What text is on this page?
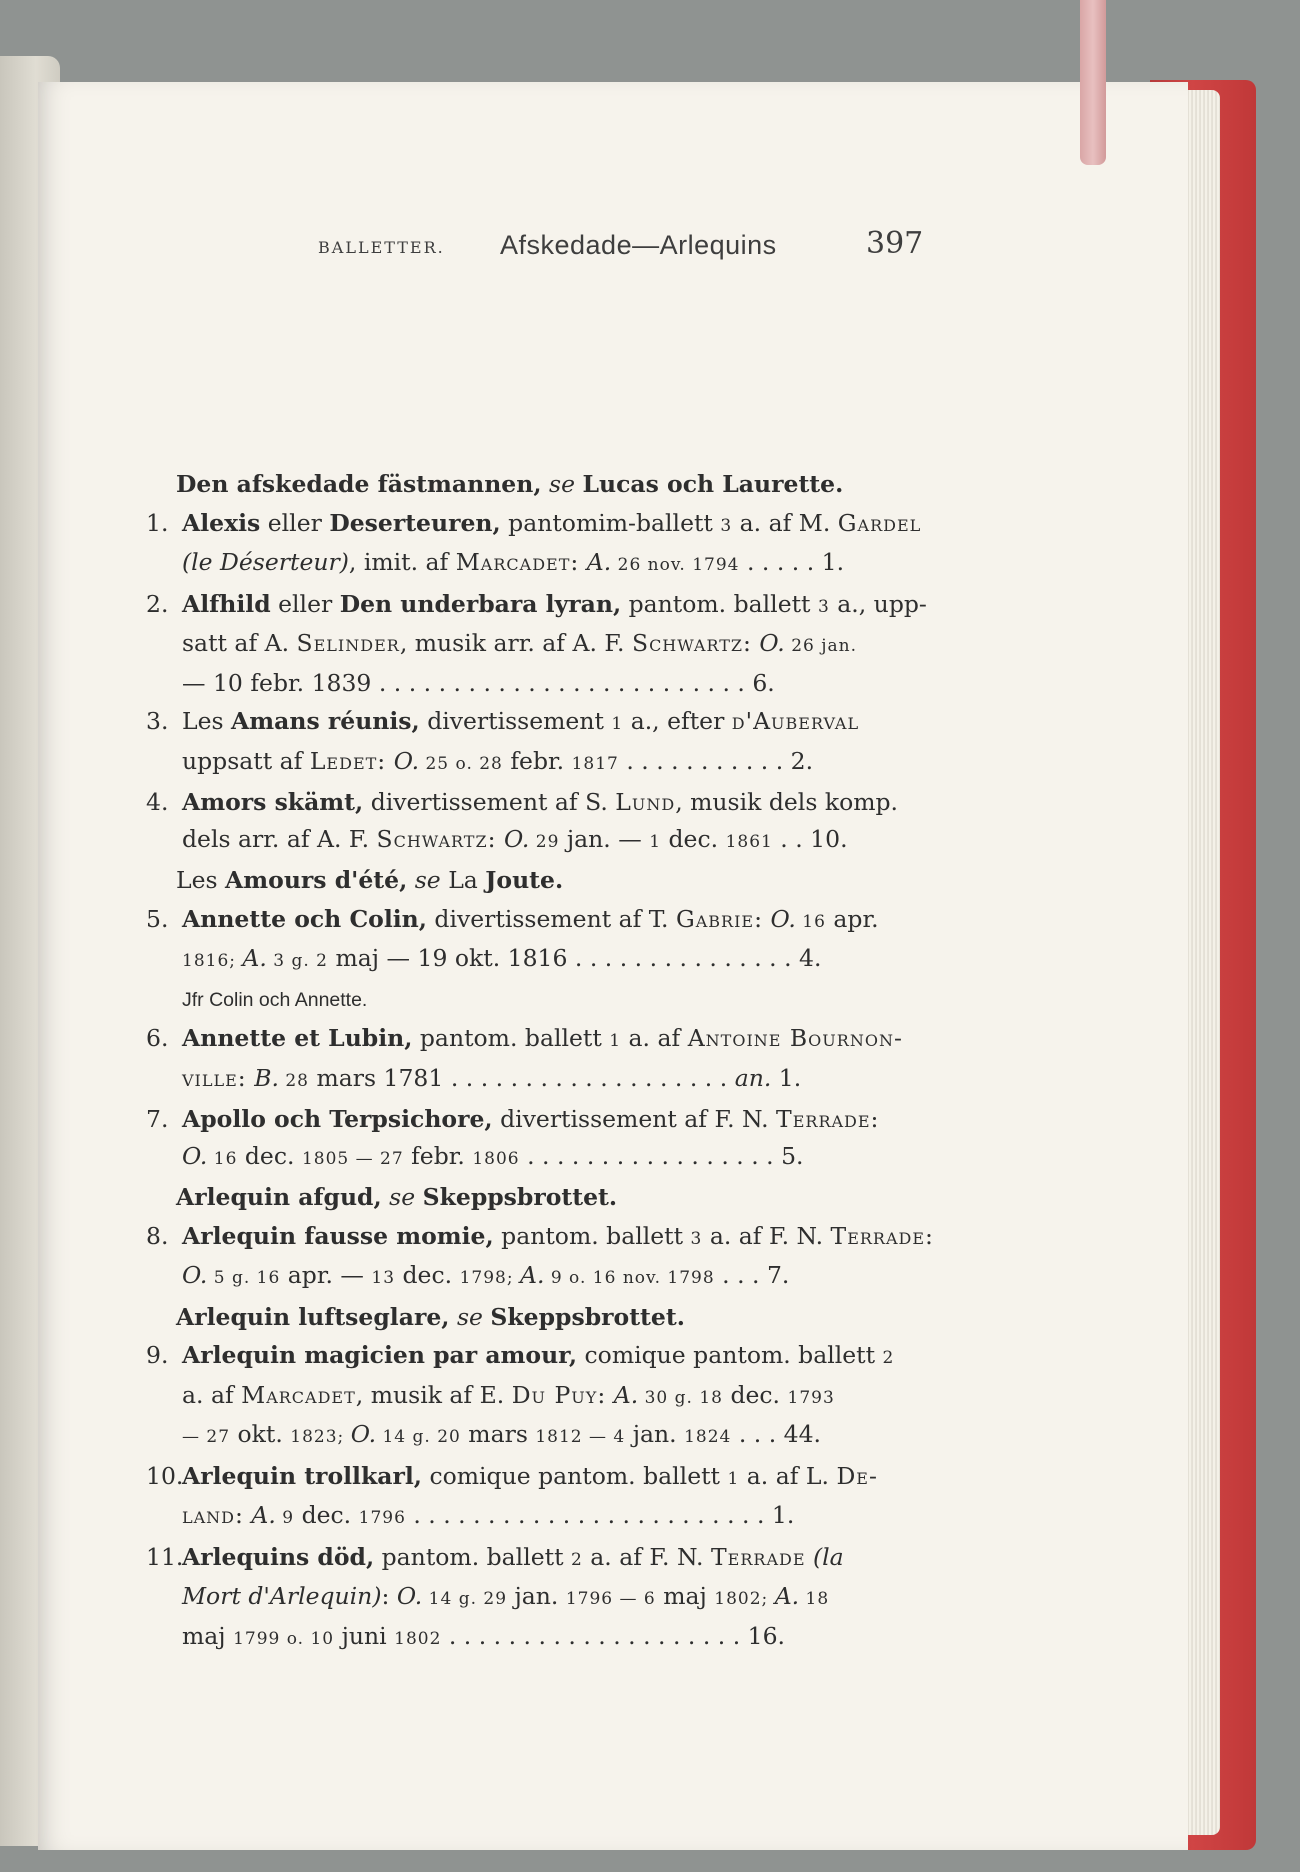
BALLETTER. Afskedade—Arlequins	397
Den afskedade fästmannen, se Lucas och Laurette.
1. Alexis eller Deserteuren, pantomim-ballett 3 a. af M. Gardel
(le Déserteur), imit. af Marcadet: A. 26 nov. 1794 . . . . . 1.
2. Alfhild eller Den underbara lyran, pantom. ballett 3 a., upp-
satt af A. Selinder, musik arr. af A. F. Schwartz: O. 26 jan.
— 10 febr. 1839 . . . . . . . . . . . . . . . . . . . . . . . . . 6.
3. Les Amans réunis, divertissement 1 a., efter d'Auberval
uppsatt af Ledet: O. 25 o. 28 febr. 1817 . . . . . . . . . . . 2.
4. Amors skämt, divertissement af S. Lund, musik dels komp.
dels arr. af A. F. Schwartz: O. 29 jan. — 1 dec. 1861 . . 10.
Les Amours d'été, se La Joute.
5. Annette och Colin, divertissement af T. Gabrie: O. 16 apr.
1816; A. 3 g. 2 maj — 19 okt. 1816 . . . . . . . . . . . . . . . 4.
Jfr Colin och Annette.
6. Annette et Lubin, pantom. ballett 1 a. af Antoine Bournon-
ville: B. 28 mars 1781 . . . . . . . . . . . . . . . . . . . an. 1.
7. Apollo och Terpsichore, divertissement af F. N. Terrade:
O. 16 dec. 1805 — 27 febr. 1806 . . . . . . . . . . . . . . . . . 5.
Arlequin afgud, se Skeppsbrottet.
8. Arlequin fausse momie, pantom. ballett 3 a. af F. N. Terrade:
O. 5 g. 16 apr. — 13 dec. 1798; A. 9 o. 16 nov. 1798 . . . 7.
Arlequin luftseglare, se Skeppsbrottet.
9. Arlequin magicien par amour, comique pantom. ballett 2
a. af Marcadet, musik af E. Du Puy: A. 30 g. 18 dec. 1793
— 27 okt. 1823; O. 14 g. 20 mars 1812 — 4 jan. 1824 . . . 44.
10.
Arlequin trollkarl, comique pantom. ballett 1 a. af L. De-
land: A. 9 dec. 1796 . . . . . . . . . . . . . . . . . . . . . . . . 1.
11.
Arlequins död, pantom. ballett 2 a. af F. N. Terrade (la
Mort d'Arlequin): O. 14 g. 29 jan. 1796 — 6 maj 1802; A. 18
maj 1799 o. 10 juni 1802 . . . . . . . . . . . . . . . . . . . . 16.
